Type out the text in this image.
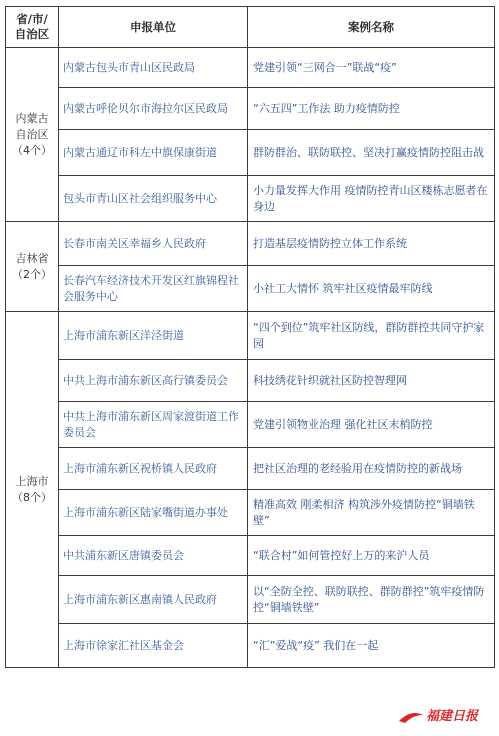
省/市/自治区	申报单位	案例名称

内蒙古自治区
（4个）	内蒙古包头市青山区民政局	党建引领“三网合一”联战“疫”
	内蒙古呼伦贝尔市海拉尔区民政局	“六五四”工作法 助力疫情防控
	内蒙古通辽市科左中旗保康街道	群防群治、联防联控、坚决打赢疫情防控阻击战
	包头市青山区社会组织服务中心	小力量发挥大作用 疫情防控青山区楼栋志愿者在身边

吉林省
（2个）	长春市南关区幸福乡人民政府	打造基层疫情防控立体工作系统
	长春汽车经济技术开发区红旗锦程社会服务中心	小社工大情怀 筑牢社区疫情最牢防线

上海市
（8个）	上海市浦东新区洋泾街道	“四个到位”筑牢社区防线，群防群控共同守护家园
	中共上海市浦东新区高行镇委员会	科技绣花针织就社区防控智理网
	中共上海市浦东新区周家渡街道工作委员会	党建引领物业治理 强化社区末梢防控
	上海市浦东新区祝桥镇人民政府	把社区治理的老经验用在疫情防控的新战场
	上海市浦东新区陆家嘴街道办事处	精准高效 刚柔相济 构筑涉外疫情防控“铜墙铁壁”
	中共浦东新区唐镇委员会	“联合村”如何管控好上万的来沪人员
	上海市浦东新区惠南镇人民政府	以“全防全控、联防联控、群防群控”筑牢疫情防控“铜墙铁壁”
	上海市徐家汇社区基金会	“汇”爱战“疫” 我们在一起
福建日报
